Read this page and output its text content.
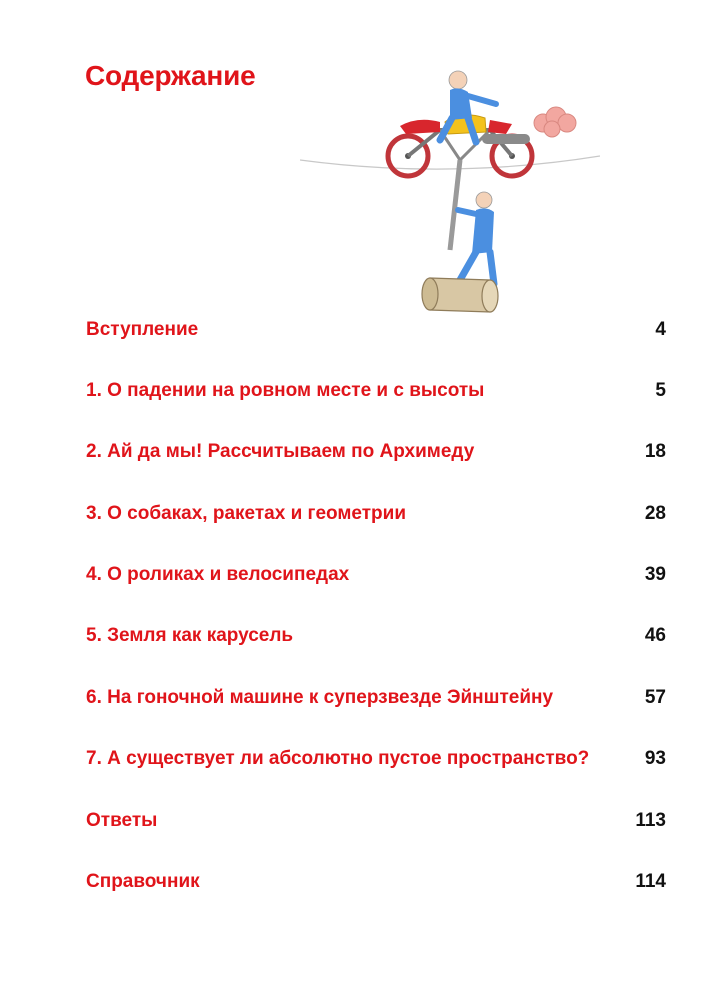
Содержание
Вступление	4
1. О падении на ровном месте и с высоты	5
2. Ай да мы! Рассчитываем по Архимеду	18
3. О собаках, ракетах и геометрии	28
4. О роликах и велосипедах	39
5. Земля как карусель	46
6. На гоночной машине к суперзвезде Эйнштейну	57
7. А существует ли абсолютно пустое пространство?	93
Ответы	113
Справочник	114
